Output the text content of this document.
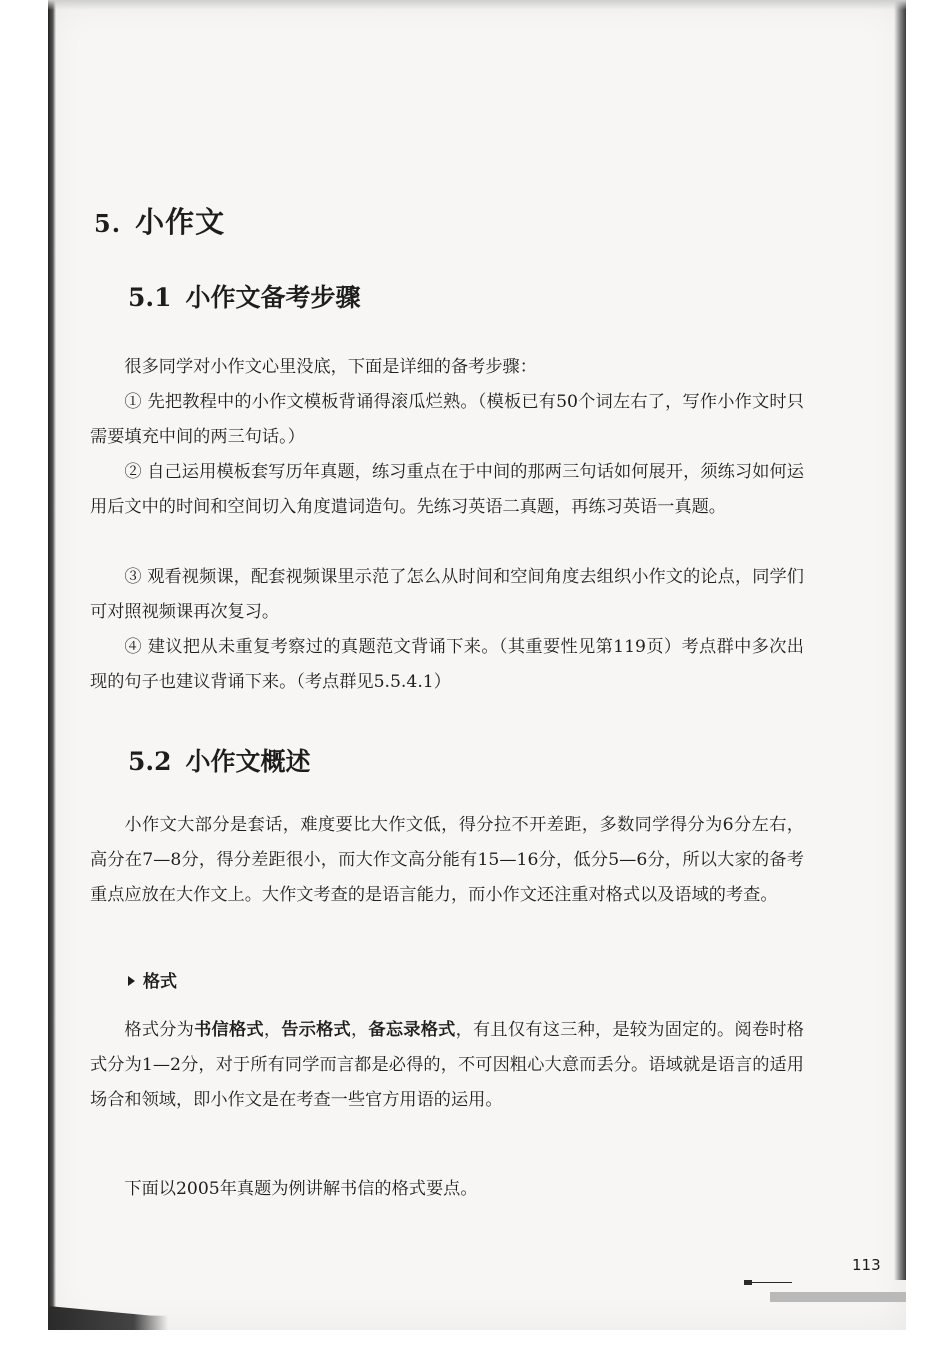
5. 小作文
5.1 小作文备考步骤

很多同学对小作文心里没底，下面是详细的备考步骤：

① 先把教程中的小作文模板背诵得滚瓜烂熟。（模板已有50个词左右了，写作小作文时只需要填充中间的两三句话。）

② 自己运用模板套写历年真题，练习重点在于中间的那两三句话如何展开，须练习如何运用后文中的时间和空间切入角度遣词造句。先练习英语二真题，再练习英语一真题。

③ 观看视频课，配套视频课里示范了怎么从时间和空间角度去组织小作文的论点，同学们可对照视频课再次复习。

④ 建议把从未重复考察过的真题范文背诵下来。（其重要性见第119页）考点群中多次出现的句子也建议背诵下来。（考点群见5.5.4.1）

5.2 小作文概述

小作文大部分是套话，难度要比大作文低，得分拉不开差距，多数同学得分为6分左右，高分在7—8分，得分差距很小，而大作文高分能有15—16分，低分5—6分，所以大家的备考重点应放在大作文上。大作文考查的是语言能力，而小作文还注重对格式以及语域的考查。

格式

格式分为书信格式，告示格式，备忘录格式，有且仅有这三种，是较为固定的。阅卷时格式分为1—2分，对于所有同学而言都是必得的，不可因粗心大意而丢分。语域就是语言的适用场合和领域，即小作文是在考查一些官方用语的运用。

下面以2005年真题为例讲解书信的格式要点。

113
